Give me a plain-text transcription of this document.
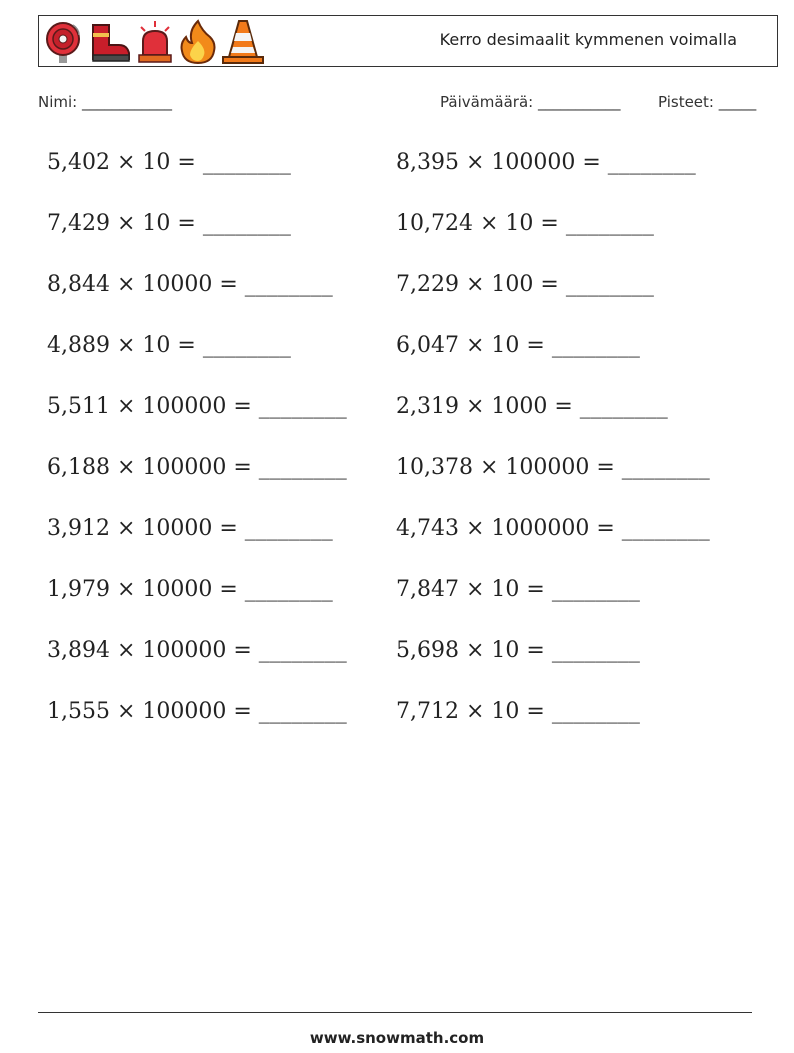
Kerro desimaalit kymmenen voimalla
Nimi: ____________	Päivämäärä: ___________	Pisteet: _____
5,402 × 10 = ________
7,429 × 10 = ________
8,844 × 10000 = ________
4,889 × 10 = ________
5,511 × 100000 = ________
6,188 × 100000 = ________
3,912 × 10000 = ________
1,979 × 10000 = ________
3,894 × 100000 = ________
1,555 × 100000 = ________
8,395 × 100000 = ________
10,724 × 10 = ________
7,229 × 100 = ________
6,047 × 10 = ________
2,319 × 1000 = ________
10,378 × 100000 = ________
4,743 × 1000000 = ________
7,847 × 10 = ________
5,698 × 10 = ________
7,712 × 10 = ________
www.snowmath.com
